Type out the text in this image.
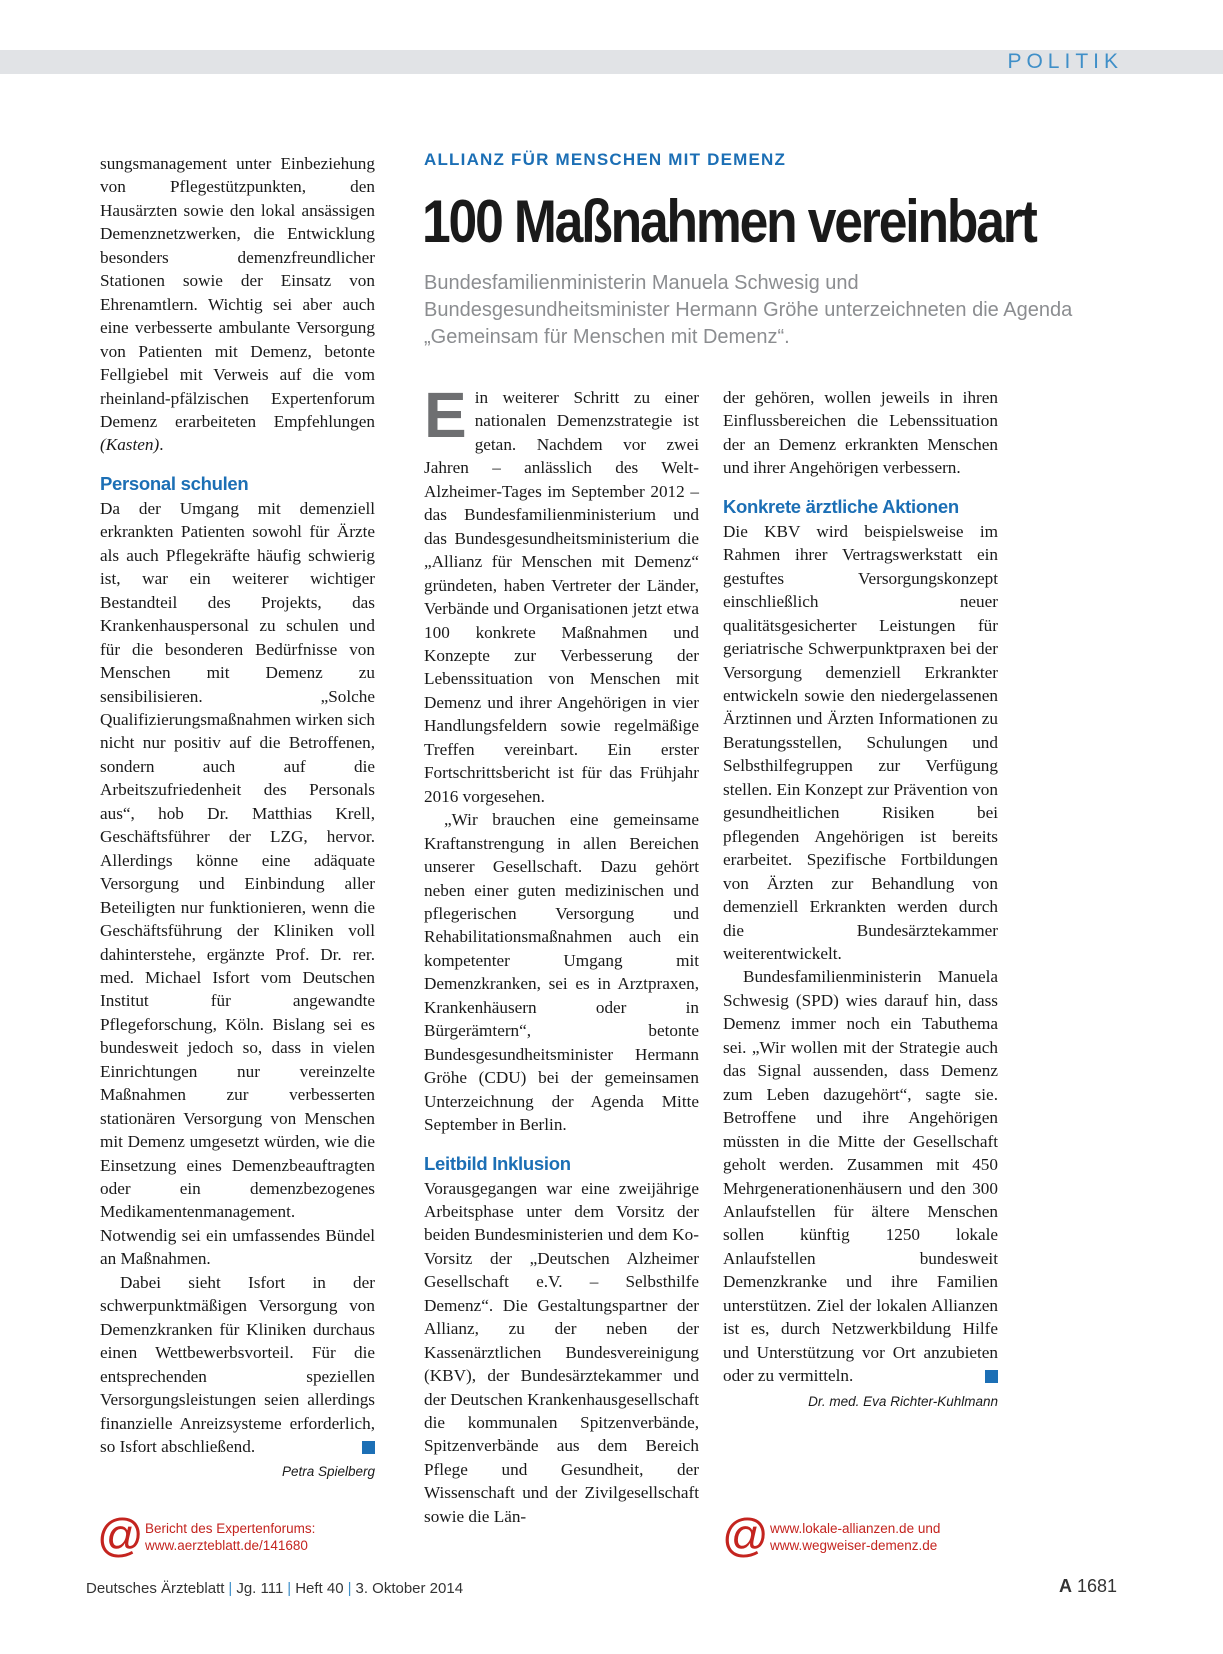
POLITIK

sungsmanagement unter Einbeziehung von Pflegestützpunkten, den Hausärzten sowie den lokal ansässigen Demenznetzwerken, die Entwicklung besonders demenzfreundlicher Stationen sowie der Einsatz von Ehrenamtlern. Wichtig sei aber auch eine verbesserte ambulante Versorgung von Patienten mit Demenz, betonte Fellgiebel mit Verweis auf die vom rheinland-pfälzischen Expertenforum Demenz erarbeiteten Empfehlungen (Kasten).

Personal schulen

Da der Umgang mit demenziell erkrankten Patienten sowohl für Ärzte als auch Pflegekräfte häufig schwierig ist, war ein weiterer wichtiger Bestandteil des Projekts, das Krankenhauspersonal zu schulen und für die besonderen Bedürfnisse von Menschen mit Demenz zu sensibilisieren. „Solche Qualifizierungsmaßnahmen wirken sich nicht nur positiv auf die Betroffenen, sondern auch auf die Arbeitszufriedenheit des Personals aus“, hob Dr. Matthias Krell, Geschäftsführer der LZG, hervor. Allerdings könne eine adäquate Versorgung und Einbindung aller Beteiligten nur funktionieren, wenn die Geschäftsführung der Kliniken voll dahinterstehe, ergänzte Prof. Dr. rer. med. Michael Isfort vom Deutschen Institut für angewandte Pflegeforschung, Köln. Bislang sei es bundesweit jedoch so, dass in vielen Einrichtungen nur vereinzelte Maßnahmen zur verbesserten stationären Versorgung von Menschen mit Demenz umgesetzt würden, wie die Einsetzung eines Demenzbeauftragten oder ein demenzbezogenes Medikamentenmanagement. Notwendig sei ein umfassendes Bündel an Maßnahmen.

Dabei sieht Isfort in der schwerpunktmäßigen Versorgung von Demenzkranken für Kliniken durchaus einen Wettbewerbsvorteil. Für die entsprechenden speziellen Versorgungsleistungen seien allerdings finanzielle Anreizsysteme erforderlich, so Isfort abschließend.

Petra Spielberg
ALLIANZ FÜR MENSCHEN MIT DEMENZ
100 Maßnahmen vereinbart
Bundesfamilienministerin Manuela Schwesig und Bundesgesundheitsminister Hermann Gröhe unterzeichneten die Agenda „Gemeinsam für Menschen mit Demenz“.

Ein weiterer Schritt zu einer nationalen Demenzstrategie ist getan. Nachdem vor zwei Jahren – anlässlich des Welt-Alzheimer-Tages im September 2012 – das Bundesfamilienministerium und das Bundesgesundheitsministerium die „Allianz für Menschen mit Demenz“ gründeten, haben Vertreter der Länder, Verbände und Organisationen jetzt etwa 100 konkrete Maßnahmen und Konzepte zur Verbesserung der Lebenssituation von Menschen mit Demenz und ihrer Angehörigen in vier Handlungsfeldern sowie regelmäßige Treffen vereinbart. Ein erster Fortschrittsbericht ist für das Frühjahr 2016 vorgesehen.

„Wir brauchen eine gemeinsame Kraftanstrengung in allen Bereichen unserer Gesellschaft. Dazu gehört neben einer guten medizinischen und pflegerischen Versorgung und Rehabilitationsmaßnahmen auch ein kompetenter Umgang mit Demenzkranken, sei es in Arztpraxen, Krankenhäusern oder in Bürgerämtern“, betonte Bundesgesundheitsminister Hermann Gröhe (CDU) bei der gemeinsamen Unterzeichnung der Agenda Mitte September in Berlin.

Leitbild Inklusion

Vorausgegangen war eine zweijährige Arbeitsphase unter dem Vorsitz der beiden Bundesministerien und dem Ko-Vorsitz der „Deutschen Alzheimer Gesellschaft e.V. – Selbsthilfe Demenz“. Die Gestaltungspartner der Allianz, zu der neben der Kassenärztlichen Bundesvereinigung (KBV), der Bundesärztekammer und der Deutschen Krankenhausgesellschaft die kommunalen Spitzenverbände, Spitzenverbände aus dem Bereich Pflege und Gesundheit, der Wissenschaft und der Zivilgesellschaft sowie die Län-

der gehören, wollen jeweils in ihren Einflussbereichen die Lebenssituation der an Demenz erkrankten Menschen und ihrer Angehörigen verbessern.

Konkrete ärztliche Aktionen

Die KBV wird beispielsweise im Rahmen ihrer Vertragswerkstatt ein gestuftes Versorgungskonzept einschließlich neuer qualitätsgesicherter Leistungen für geriatrische Schwerpunktpraxen bei der Versorgung demenziell Erkrankter entwickeln sowie den niedergelassenen Ärztinnen und Ärzten Informationen zu Beratungsstellen, Schulungen und Selbsthilfegruppen zur Verfügung stellen. Ein Konzept zur Prävention von gesundheitlichen Risiken bei pflegenden Angehörigen ist bereits erarbeitet. Spezifische Fortbildungen von Ärzten zur Behandlung von demenziell Erkrankten werden durch die Bundesärztekammer weiterentwickelt.

Bundesfamilienministerin Manuela Schwesig (SPD) wies darauf hin, dass Demenz immer noch ein Tabuthema sei. „Wir wollen mit der Strategie auch das Signal aussenden, dass Demenz zum Leben dazugehört“, sagte sie. Betroffene und ihre Angehörigen müssten in die Mitte der Gesellschaft geholt werden. Zusammen mit 450 Mehrgenerationenhäusern und den 300 Anlaufstellen für ältere Menschen sollen künftig 1250 lokale Anlaufstellen bundesweit Demenzkranke und ihre Familien unterstützen. Ziel der lokalen Allianzen ist es, durch Netzwerkbildung Hilfe und Unterstützung vor Ort anzubieten oder zu vermitteln.

Dr. med. Eva Richter-Kuhlmann
@ Bericht des Expertenforums:
www.aerzteblatt.de/141680	@ www.lokale-allianzen.de und
www.wegweiser-demenz.de
Deutsches Ärzteblatt | Jg. 111 | Heft 40 | 3. Oktober 2014	A 1681
